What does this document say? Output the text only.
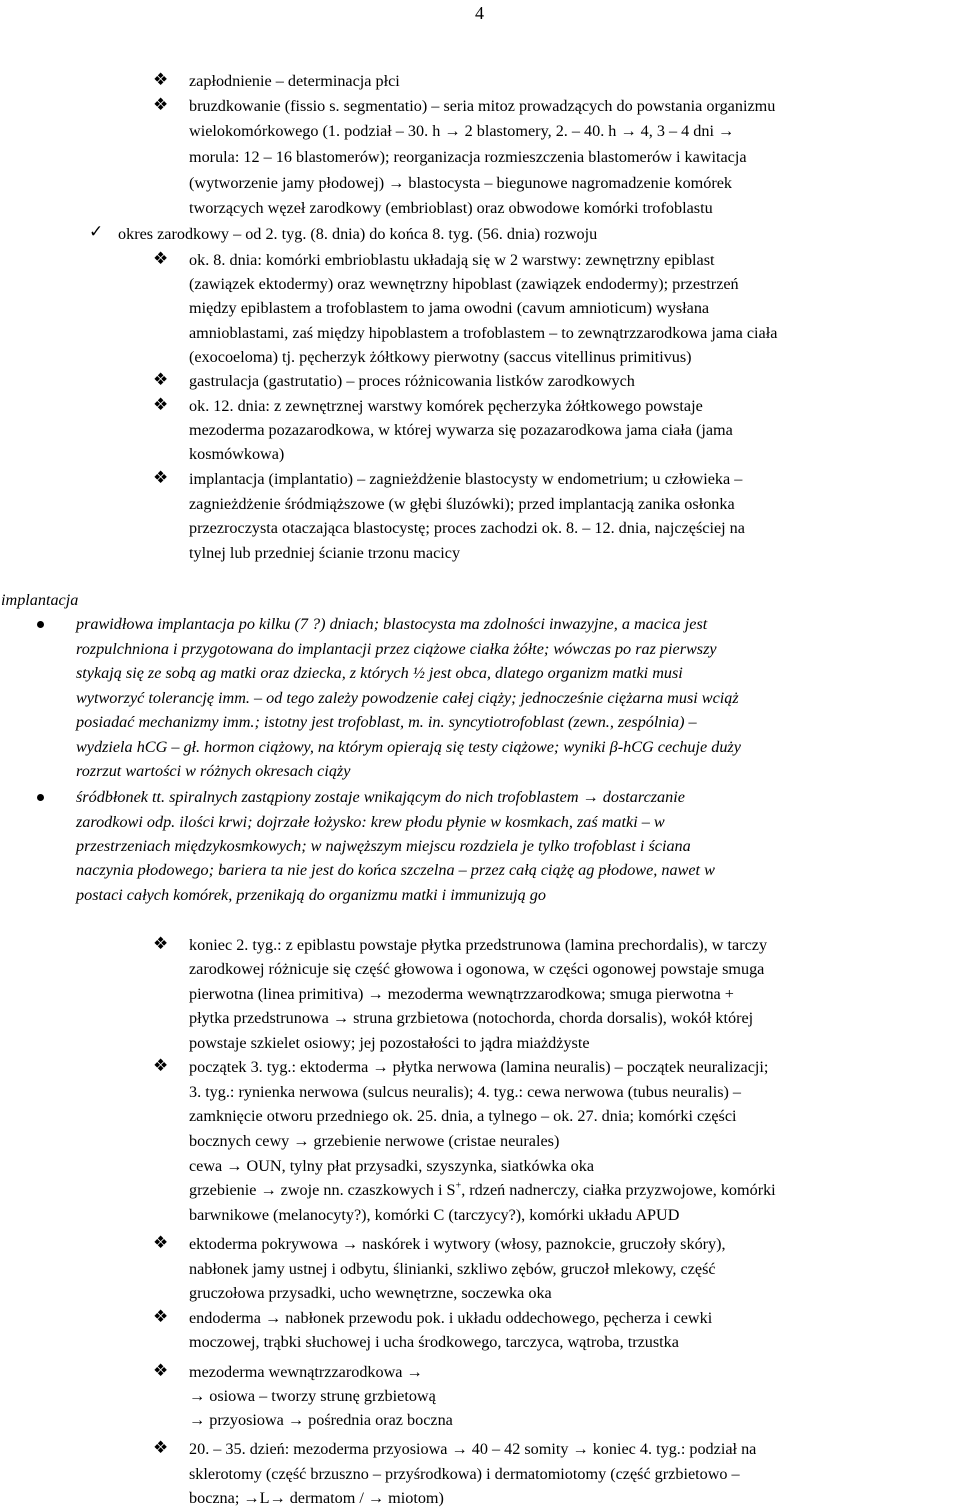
4
zapłodnienie – determinacja płci
bruzdkowanie (fissio s. segmentatio) – seria mitoz prowadzących do powstania organizmu
wielokomórkowego (1. podział – 30. h → 2 blastomery, 2. – 40. h → 4, 3 – 4 dni →
morula: 12 – 16 blastomerów); reorganizacja rozmieszczenia blastomerów i kawitacja
(wytworzenie jamy płodowej) → blastocysta – biegunowe nagromadzenie komórek
tworzących węzeł zarodkowy (embrioblast) oraz obwodowe komórki trofoblastu
okres zarodkowy – od 2. tyg. (8. dnia) do końca 8. tyg. (56. dnia) rozwoju
ok. 8. dnia: komórki embrioblastu układają się w 2 warstwy: zewnętrzny epiblast
(zawiązek ektodermy) oraz wewnętrzny hipoblast (zawiązek endodermy); przestrzeń
między epiblastem a trofoblastem to jama owodni (cavum amnioticum) wysłana
amnioblastami, zaś między hipoblastem a trofoblastem – to zewnątrzzarodkowa jama ciała
(exocoeloma) tj. pęcherzyk żółtkowy pierwotny (saccus vitellinus primitivus)
gastrulacja (gastrutatio) – proces różnicowania listków zarodkowych
ok. 12. dnia: z zewnętrznej warstwy komórek pęcherzyka żółtkowego powstaje
mezoderma pozazarodkowa, w której wywarza się pozazarodkowa jama ciała (jama
kosmówkowa)
implantacja (implantatio) – zagnieżdżenie blastocysty w endometrium; u człowieka –
zagnieżdżenie śródmiąższowe (w głębi śluzówki); przed implantacją zanika osłonka
przezroczysta otaczająca blastocystę; proces zachodzi ok. 8. – 12. dnia, najczęściej na
tylnej lub przedniej ścianie trzonu macicy
❖
❖
❖
❖
❖
❖
✓
implantacja
prawidłowa implantacja po kilku (7 ?) dniach; blastocysta ma zdolności inwazyjne, a macica jest
rozpulchniona i przygotowana do implantacji przez ciążowe ciałka żółte; wówczas po raz pierwszy
stykają się ze sobą ag matki oraz dziecka, z których ½ jest obca, dlatego organizm matki musi
wytworzyć tolerancję imm. – od tego zależy powodzenie całej ciąży; jednocześnie ciężarna musi wciąż
posiadać mechanizmy imm.; istotny jest trofoblast, m. in. syncytiotrofoblast (zewn., zespólnia) –
wydziela hCG – gł. hormon ciążowy, na którym opierają się testy ciążowe; wyniki β-hCG cechuje duży
rozrzut wartości w różnych okresach ciąży
śródbłonek tt. spiralnych zastąpiony zostaje wnikającym do nich trofoblastem → dostarczanie
zarodkowi odp. ilości krwi; dojrzałe łożysko: krew płodu płynie w kosmkach, zaś matki – w
przestrzeniach międzykosmkowych; w najwęższym miejscu rozdziela je tylko trofoblast i ściana
naczynia płodowego; bariera ta nie jest do końca szczelna – przez całą ciążę ag płodowe, nawet w
postaci całych komórek, przenikają do organizmu matki i immunizują go
koniec 2. tyg.: z epiblastu powstaje płytka przedstrunowa (lamina prechordalis), w tarczy
zarodkowej różnicuje się część głowowa i ogonowa, w części ogonowej powstaje smuga
pierwotna (linea primitiva) → mezoderma wewnątrzzarodkowa; smuga pierwotna +
płytka przedstrunowa → struna grzbietowa (notochorda, chorda dorsalis), wokół której
powstaje szkielet osiowy; jej pozostałości to jądra miażdżyste
początek 3. tyg.: ektoderma → płytka nerwowa (lamina neuralis) – początek neuralizacji;
3. tyg.: rynienka nerwowa (sulcus neuralis); 4. tyg.: cewa nerwowa (tubus neuralis) –
zamknięcie otworu przedniego ok. 25. dnia, a tylnego – ok. 27. dnia; komórki części
bocznych cewy → grzebienie nerwowe (cristae neurales)
cewa → OUN, tylny płat przysadki, szyszynka, siatkówka oka
grzebienie → zwoje nn. czaszkowych i S+, rdzeń nadnerczy, ciałka przyzwojowe, komórki
barwnikowe (melanocyty?), komórki C (tarczycy?), komórki układu APUD
ektoderma pokrywowa → naskórek i wytwory (włosy, paznokcie, gruczoły skóry),
nabłonek jamy ustnej i odbytu, śliniankі, szkliwo zębów, gruczoł mlekowy, część
gruczołowa przysadki, ucho wewnętrzne, soczewka oka
endoderma → nabłonek przewodu pok. i układu oddechowego, pęcherza i cewki
moczowej, trąbki słuchowej i ucha środkowego, tarczyca, wątroba, trzustka
mezoderma wewnątrzzarodkowa →
→ osiowa – tworzy strunę grzbietową
→ przyosiowa → pośrednia oraz boczna
20. – 35. dzień: mezoderma przyosiowa → 40 – 42 somity → koniec 4. tyg.: podział na
sklerotomy (część brzuszno – przyśrodkowa) i dermatomiotomy (część grzbietowo –
boczna; →L→ dermatom / → miotom)
❖
❖
❖
❖
❖
❖
